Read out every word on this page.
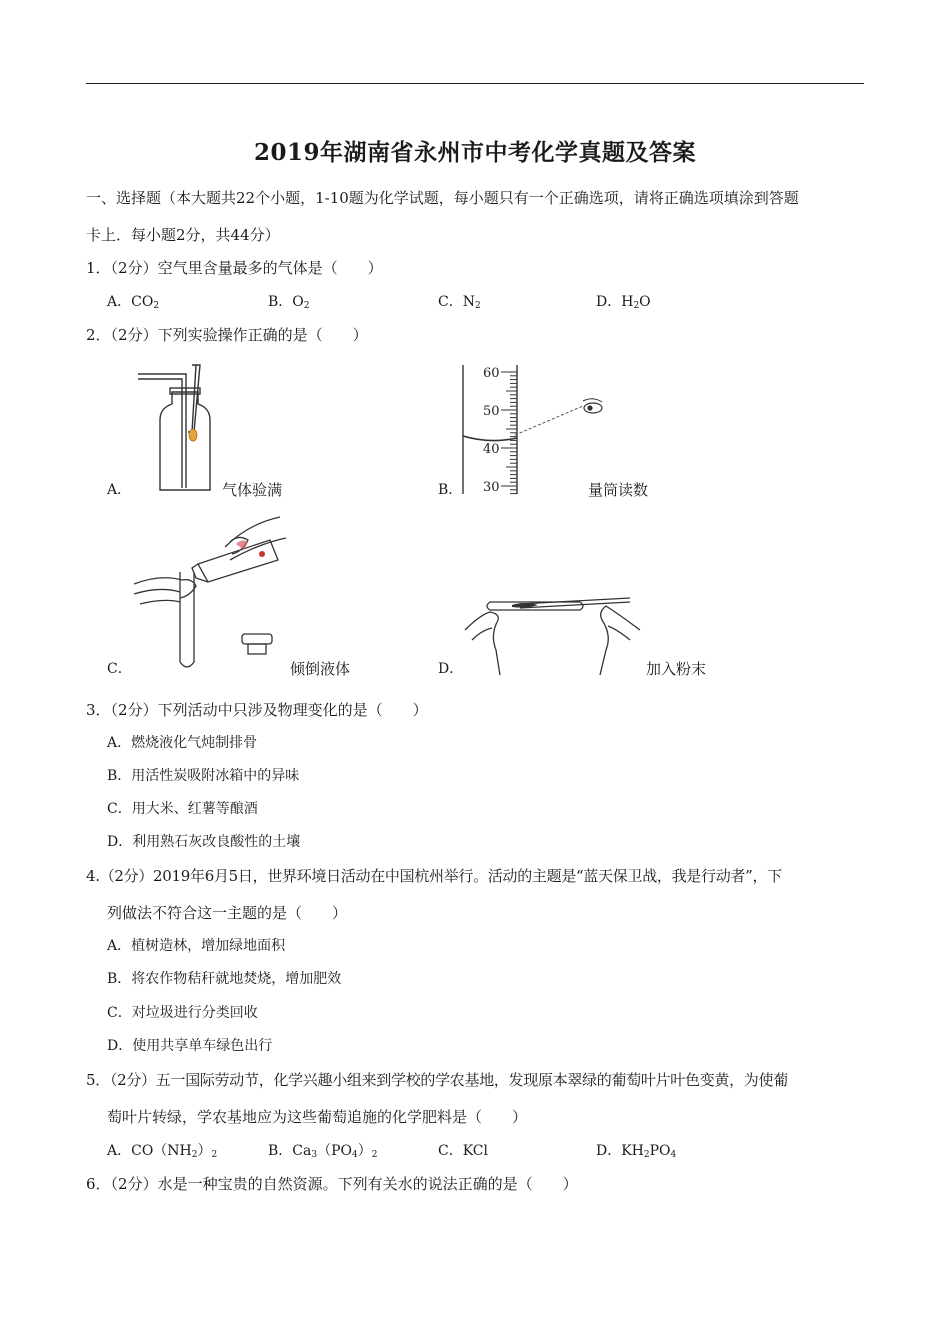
2019年湖南省永州市中考化学真题及答案
一、选择题（本大题共22个小题，1-10题为化学试题，每小题只有一个正确选项，请将正确选项填涂到答题
卡上．每小题2分，共44分）
1．（2分）空气里含量最多的气体是（　　）
A．$CO_2$	B．$O_2$	C．$N_2$	D．$H_2O$
2．（2分）下列实验操作正确的是（　　）
A．	气体验满
60
50
40
30
B．	量筒读数
C．	倾倒液体	D．	加入粉末
3．（2分）下列活动中只涉及物理变化的是（　　）
A．燃烧液化气炖制排骨
B．用活性炭吸附冰箱中的异味
C．用大米、红薯等酿酒
D．利用熟石灰改良酸性的土壤
4.（2分）2019年6月5日，世界环境日活动在中国杭州举行。活动的主题是“蓝天保卫战，我是行动者”，下
列做法不符合这一主题的是（　　）
A．植树造林，增加绿地面积
B．将农作物秸秆就地焚烧，增加肥效
C．对垃圾进行分类回收
D．使用共享单车绿色出行
5．（2分）五一国际劳动节，化学兴趣小组来到学校的学农基地，发现原本翠绿的葡萄叶片叶色变黄，为使葡
萄叶片转绿，学农基地应为这些葡萄追施的化学肥料是（　　）
A．$CO(NH_2)_2$	B．$Ca_3(PO_4)_2$	C．KCl	D．$KH_2PO_4$
6．（2分）水是一种宝贵的自然资源。下列有关水的说法正确的是（　　）
